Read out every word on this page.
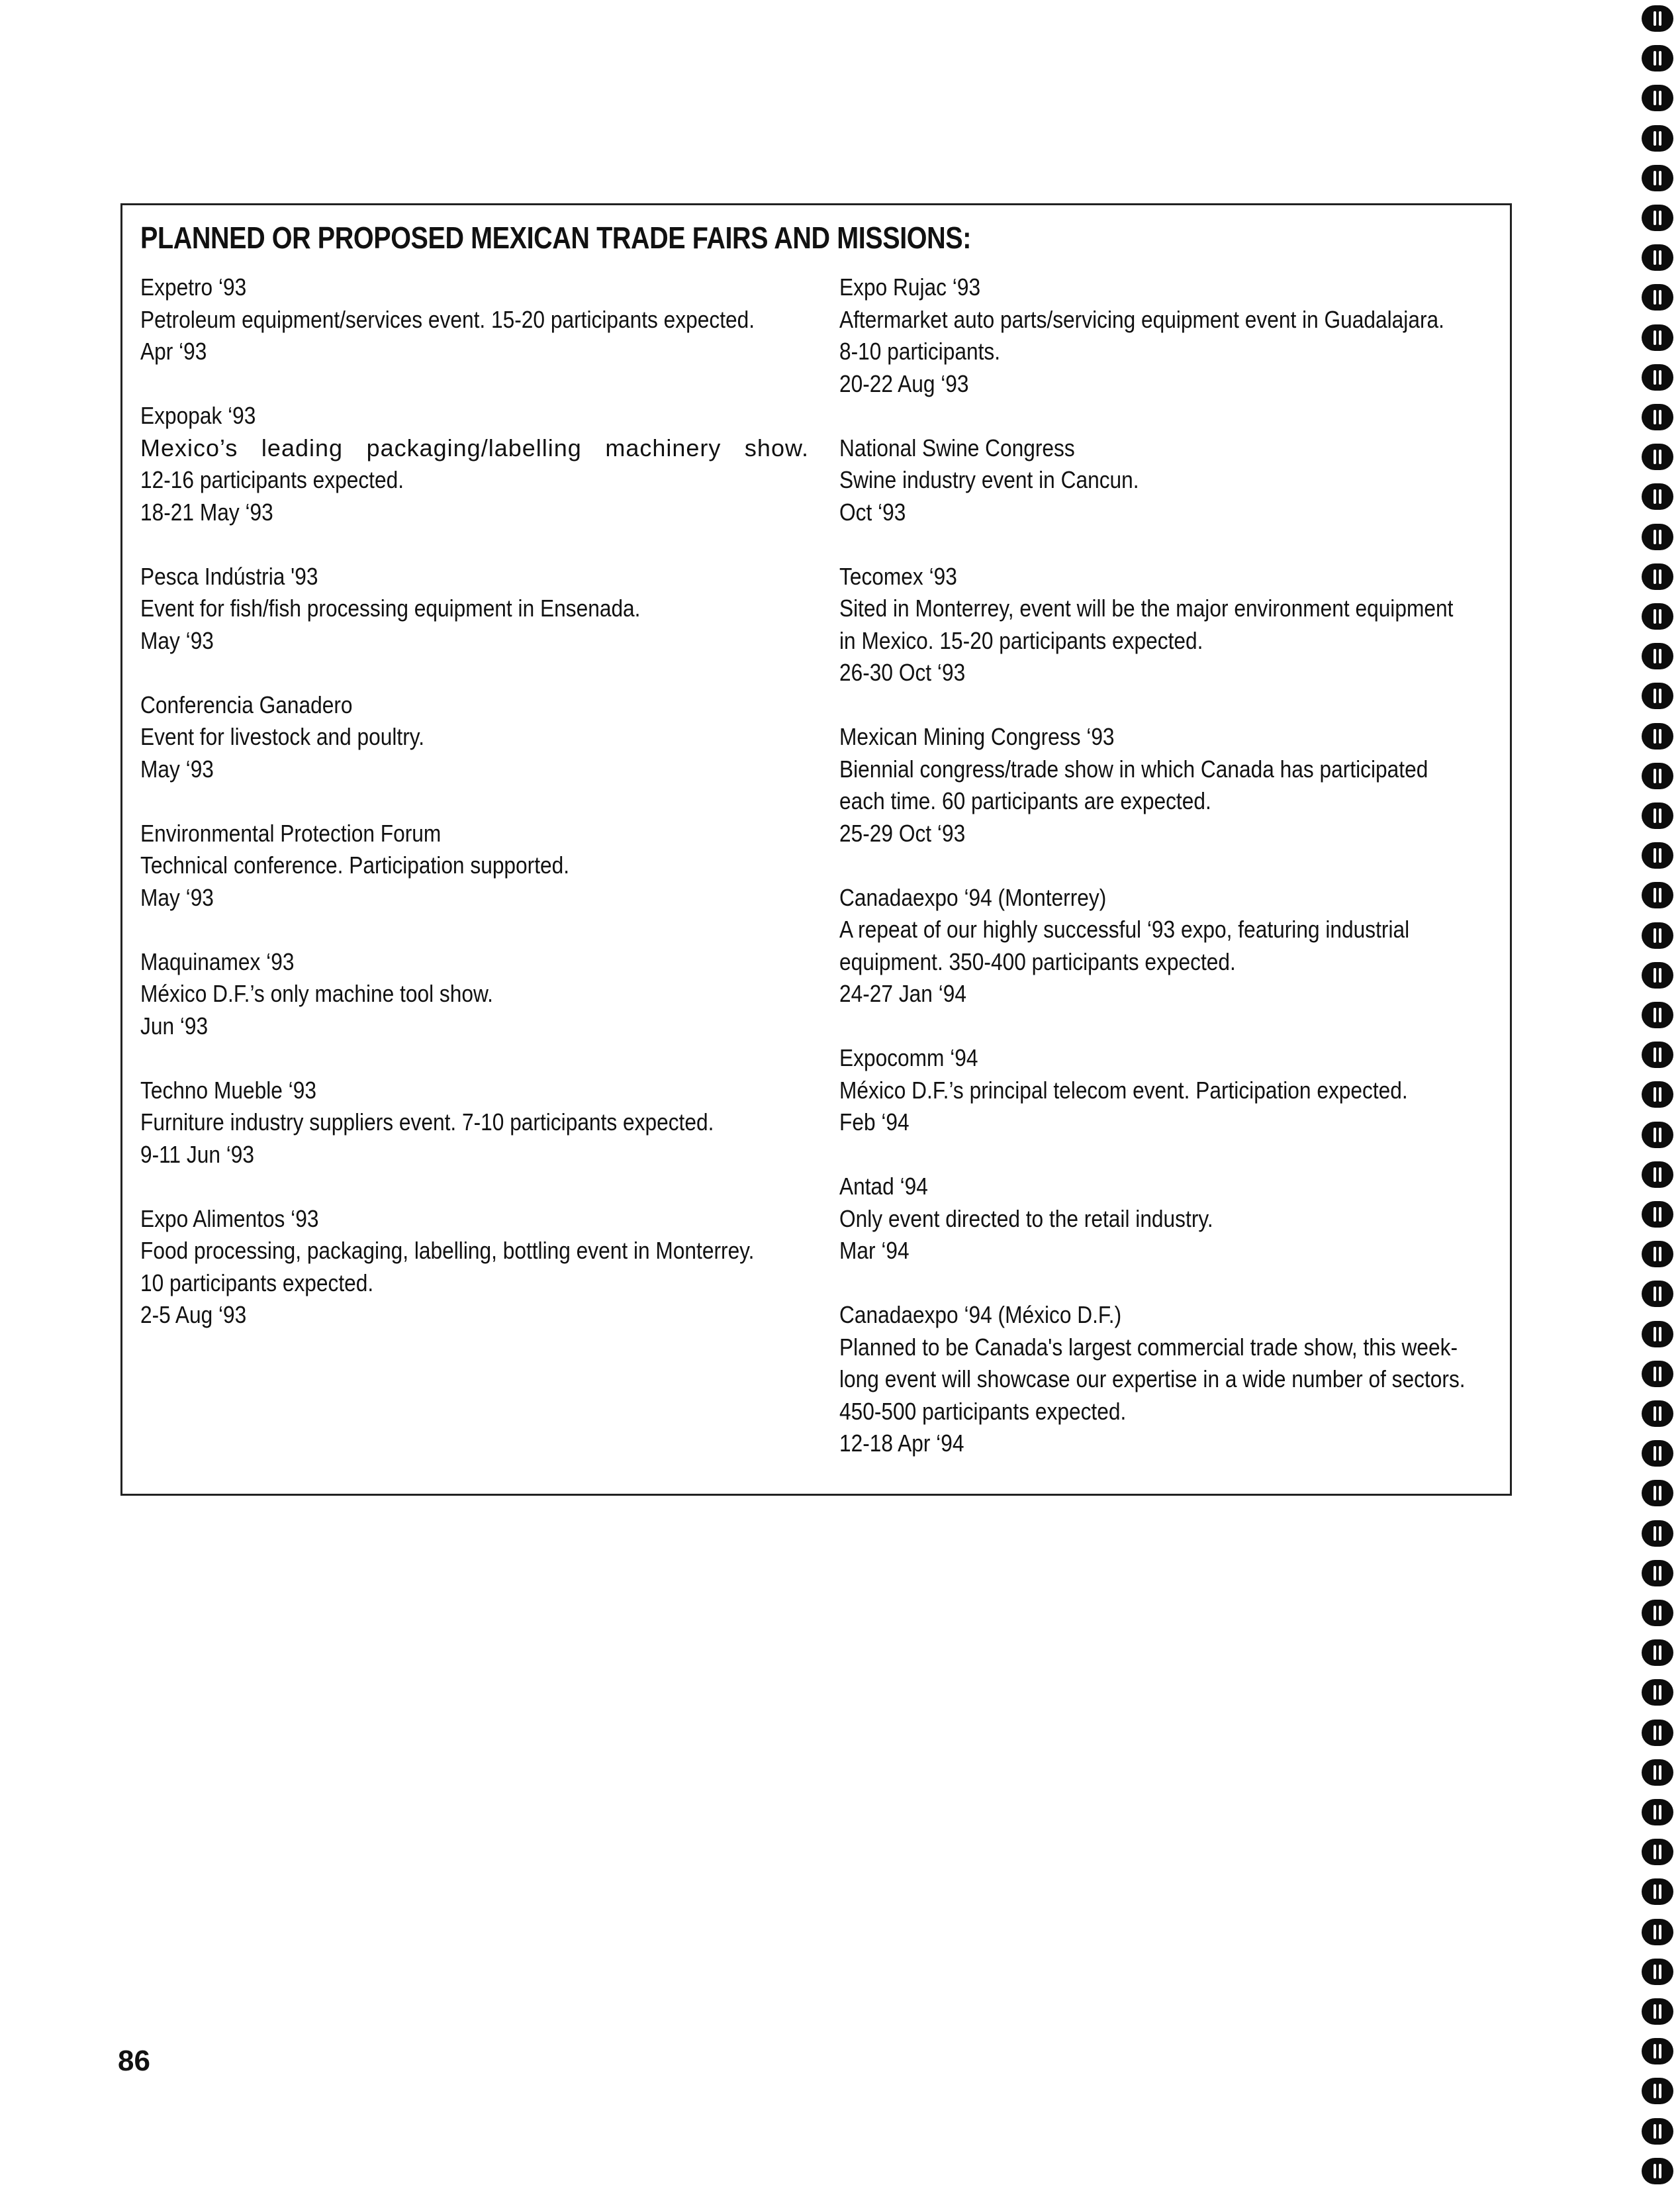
PLANNED OR PROPOSED MEXICAN TRADE FAIRS AND MISSIONS:
Expetro ‘93
Petroleum equipment/services event. 15-20 participants expected.
Apr ‘93
Expopak ‘93
Mexico’s leading packaging/labelling machinery show.
12-16 participants expected.
18-21 May ‘93
Pesca Indústria '93
Event for fish/fish processing equipment in Ensenada.
May ‘93
Conferencia Ganadero
Event for livestock and poultry.
May ‘93
Environmental Protection Forum
Technical conference. Participation supported.
May ‘93
Maquinamex ‘93
México D.F.’s only machine tool show.
Jun ‘93
Techno Mueble ‘93
Furniture industry suppliers event. 7-10 participants expected.
9-11 Jun ‘93
Expo Alimentos ‘93
Food processing, packaging, labelling, bottling event in Monterrey.
10 participants expected.
2-5 Aug ‘93
Expo Rujac ‘93
Aftermarket auto parts/servicing equipment event in Guadalajara.
8-10 participants.
20-22 Aug ‘93
National Swine Congress
Swine industry event in Cancun.
Oct ‘93
Tecomex ‘93
Sited in Monterrey, event will be the major environment equipment
in Mexico. 15-20 participants expected.
26-30 Oct ‘93
Mexican Mining Congress ‘93
Biennial congress/trade show in which Canada has participated
each time. 60 participants are expected.
25-29 Oct ‘93
Canadaexpo ‘94 (Monterrey)
A repeat of our highly successful ‘93 expo, featuring industrial
equipment. 350-400 participants expected.
24-27 Jan ‘94
Expocomm ‘94
México D.F.’s principal telecom event. Participation expected.
Feb ‘94
Antad ‘94
Only event directed to the retail industry.
Mar ‘94
Canadaexpo ‘94 (México D.F.)
Planned to be Canada's largest commercial trade show, this week-
long event will showcase our expertise in a wide number of sectors.
450-500 participants expected.
12-18 Apr ‘94
86
